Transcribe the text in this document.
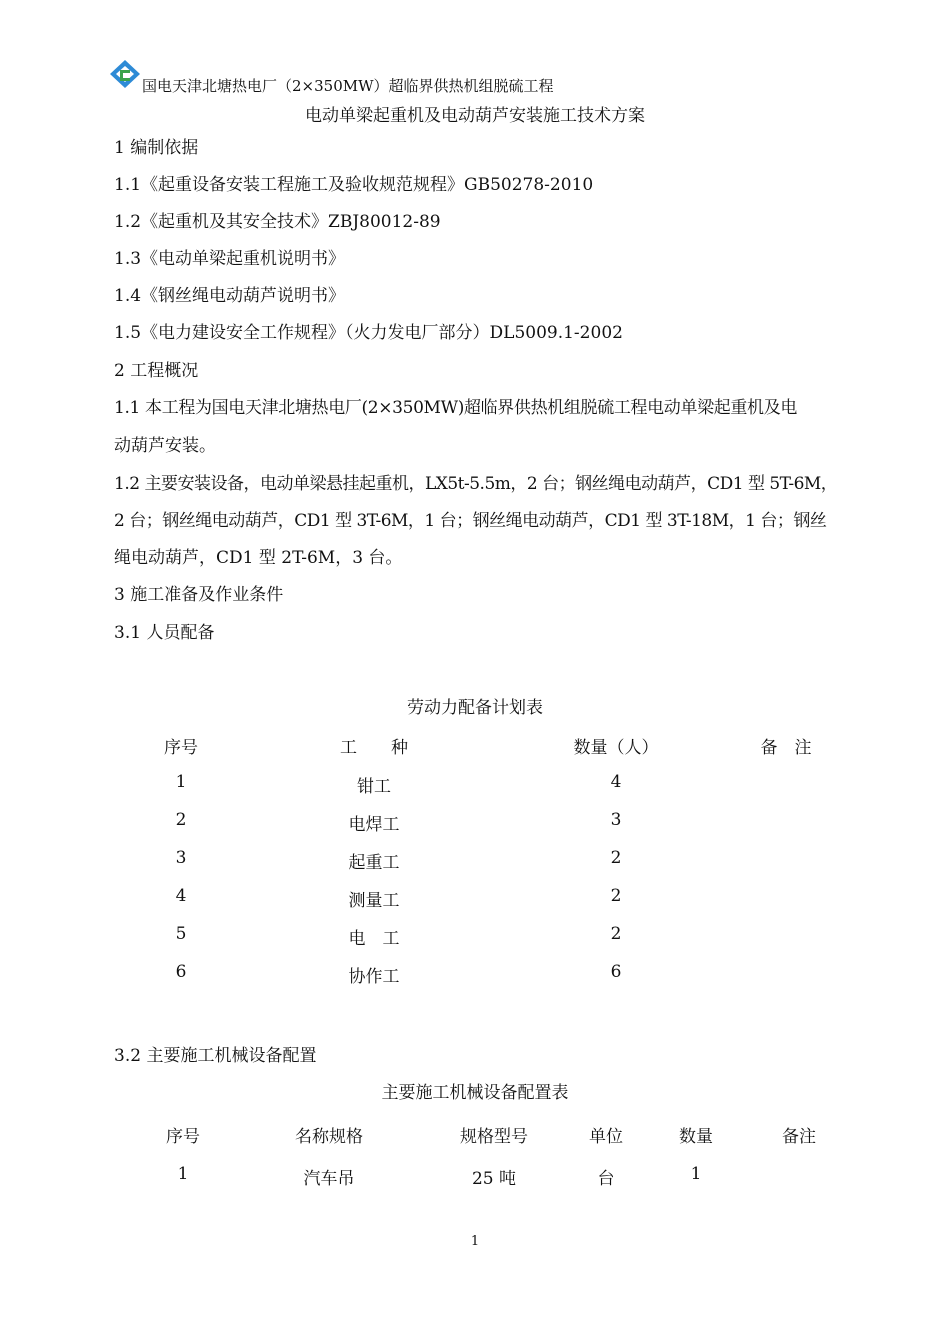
国电天津北塘热电厂（2×350MW）超临界供热机组脱硫工程
电动单梁起重机及电动葫芦安装施工技术方案
1 编制依据
1.1《起重设备安装工程施工及验收规范规程》GB50278-2010
1.2《起重机及其安全技术》ZBJ80012-89
1.3《电动单梁起重机说明书》
1.4《钢丝绳电动葫芦说明书》
1.5《电力建设安全工作规程》（火力发电厂部分）DL5009.1-2002
2 工程概况
1.1 本工程为国电天津北塘热电厂(2×350MW)超临界供热机组脱硫工程电动单梁起重机及电
动葫芦安装。
1.2 主要安装设备，电动单梁悬挂起重机，LX5t-5.5m，2 台；钢丝绳电动葫芦，CD1 型 5T-6M，
2 台；钢丝绳电动葫芦，CD1 型 3T-6M，1 台；钢丝绳电动葫芦，CD1 型 3T-18M，1 台；钢丝
绳电动葫芦，CD1 型 2T-6M，3 台。
3 施工准备及作业条件
3.1 人员配备
劳动力配备计划表
序号	工　　种	数量（人）	备　注
1	钳工	4
2	电焊工	3
3	起重工	2
4	测量工	2
5	电　工	2
6	协作工	6
3.2 主要施工机械设备配置
主要施工机械设备配置表
序号	名称规格	规格型号	单位	数量	备注
1	汽车吊	25 吨	台	1
1
